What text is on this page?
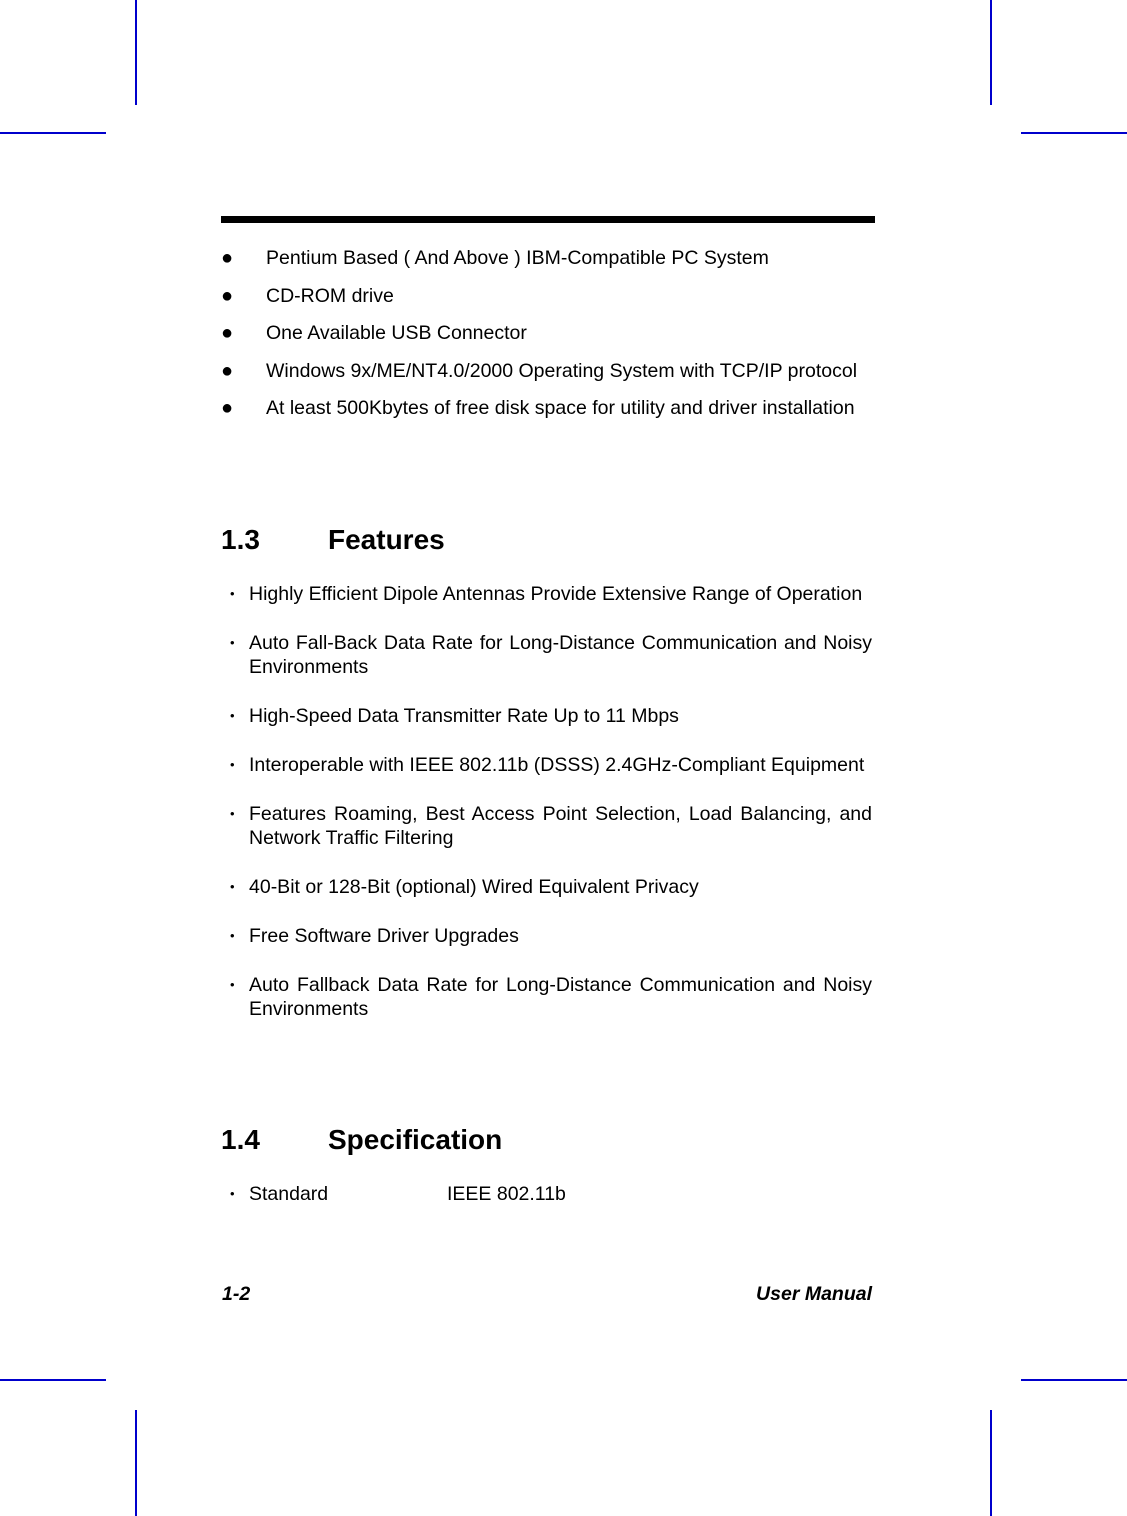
● Pentium Based ( And Above ) IBM-Compatible PC System
● CD-ROM drive
● One Available USB Connector
● Windows 9x/ME/NT4.0/2000 Operating System with TCP/IP protocol
● At least 500Kbytes of free disk space for utility and driver installation
1.3 Features
• Highly Efficient Dipole Antennas Provide Extensive Range of Operation
• Auto Fall-Back Data Rate for Long-Distance Communication and Noisy Environments
• High-Speed Data Transmitter Rate Up to 11 Mbps
• Interoperable with IEEE 802.11b (DSSS) 2.4GHz-Compliant Equipment
• Features Roaming, Best Access Point Selection, Load Balancing, and Network Traffic Filtering
• 40-Bit or 128-Bit (optional) Wired Equivalent Privacy
• Free Software Driver Upgrades
• Auto Fallback Data Rate for Long-Distance Communication and Noisy Environments
1.4 Specification
• Standard	IEEE 802.11b
1-2	User Manual
